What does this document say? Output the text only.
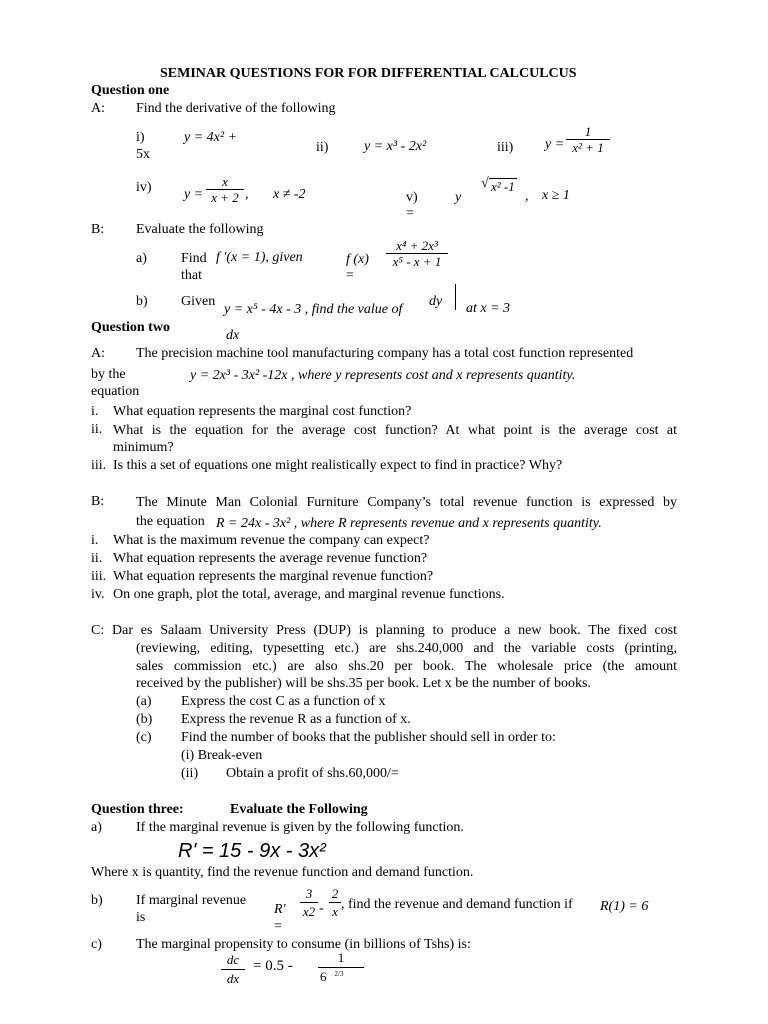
SEMINAR QUESTIONS FOR FOR DIFFERENTIAL CALCULCUS
Question one
A: Find the derivative of the following
i)	y = 4x² +
5x	ii)	y = x³ - 2x²	iii) $y = \frac{1}{\text{x² + 1}}$
iv) $y = \frac{x}{x + 2}$ , x ≠ -2	v)
=
y
√ x² -1
, x ≥ 1
B: Evaluate the following
a) Find
that
f '(x = 1), given	f (x)
=
$\frac{\text{x⁴ + 2x³}}{\text{x⁵ - x + 1}}$
b) Given
y = x⁵ - 4x - 3 , find the value of
dy at x = 3
Question two
dx
A: The precision machine tool manufacturing company has a total cost function represented
by the
equation
y = 2x³ - 3x² -12x , where y represents cost and x represents quantity.
i. What equation represents the marginal cost function?
ii. What is the equation for the average cost function? At what point is the average cost at
minimum?
iii. Is this a set of equations one might realistically expect to find in practice? Why?
B: The Minute Man Colonial Furniture Company’s total revenue function is expressed by
the equation R = 24x - 3x² , where R represents revenue and x represents quantity.
i. What is the maximum revenue the company can expect?
ii. What equation represents the average revenue function?
iii. What equation represents the marginal revenue function?
iv. On one graph, plot the total, average, and marginal revenue functions.
C: Dar es Salaam University Press (DUP) is planning to produce a new book. The fixed cost
(reviewing, editing, typesetting etc.) are shs.240,000 and the variable costs (printing,
sales commission etc.) are also shs.20 per book. The wholesale price (the amount
received by the publisher) will be shs.35 per book. Let x be the number of books.
(a) Express the cost C as a function of x
(b) Express the revenue R as a function of x.
(c) Find the number of books that the publisher should sell in order to:
(i) Break-even
(ii) Obtain a profit of shs.60,000/=
Question three:	Evaluate the Following
a) If the marginal revenue is given by the following function.
R' = 15 - 9x - 3x²
Where x is quantity, find the revenue function and demand function.
b) If marginal revenue
is
R'
=
$\frac{3}{x2} - \frac{2}{x}$ , find the revenue and demand function if R(1) = 6
c) The marginal propensity to consume (in billions of Tshs) is:
$\frac{dc}{dx} = 0.5 - \frac{1}{6 ^{2/3}}$
